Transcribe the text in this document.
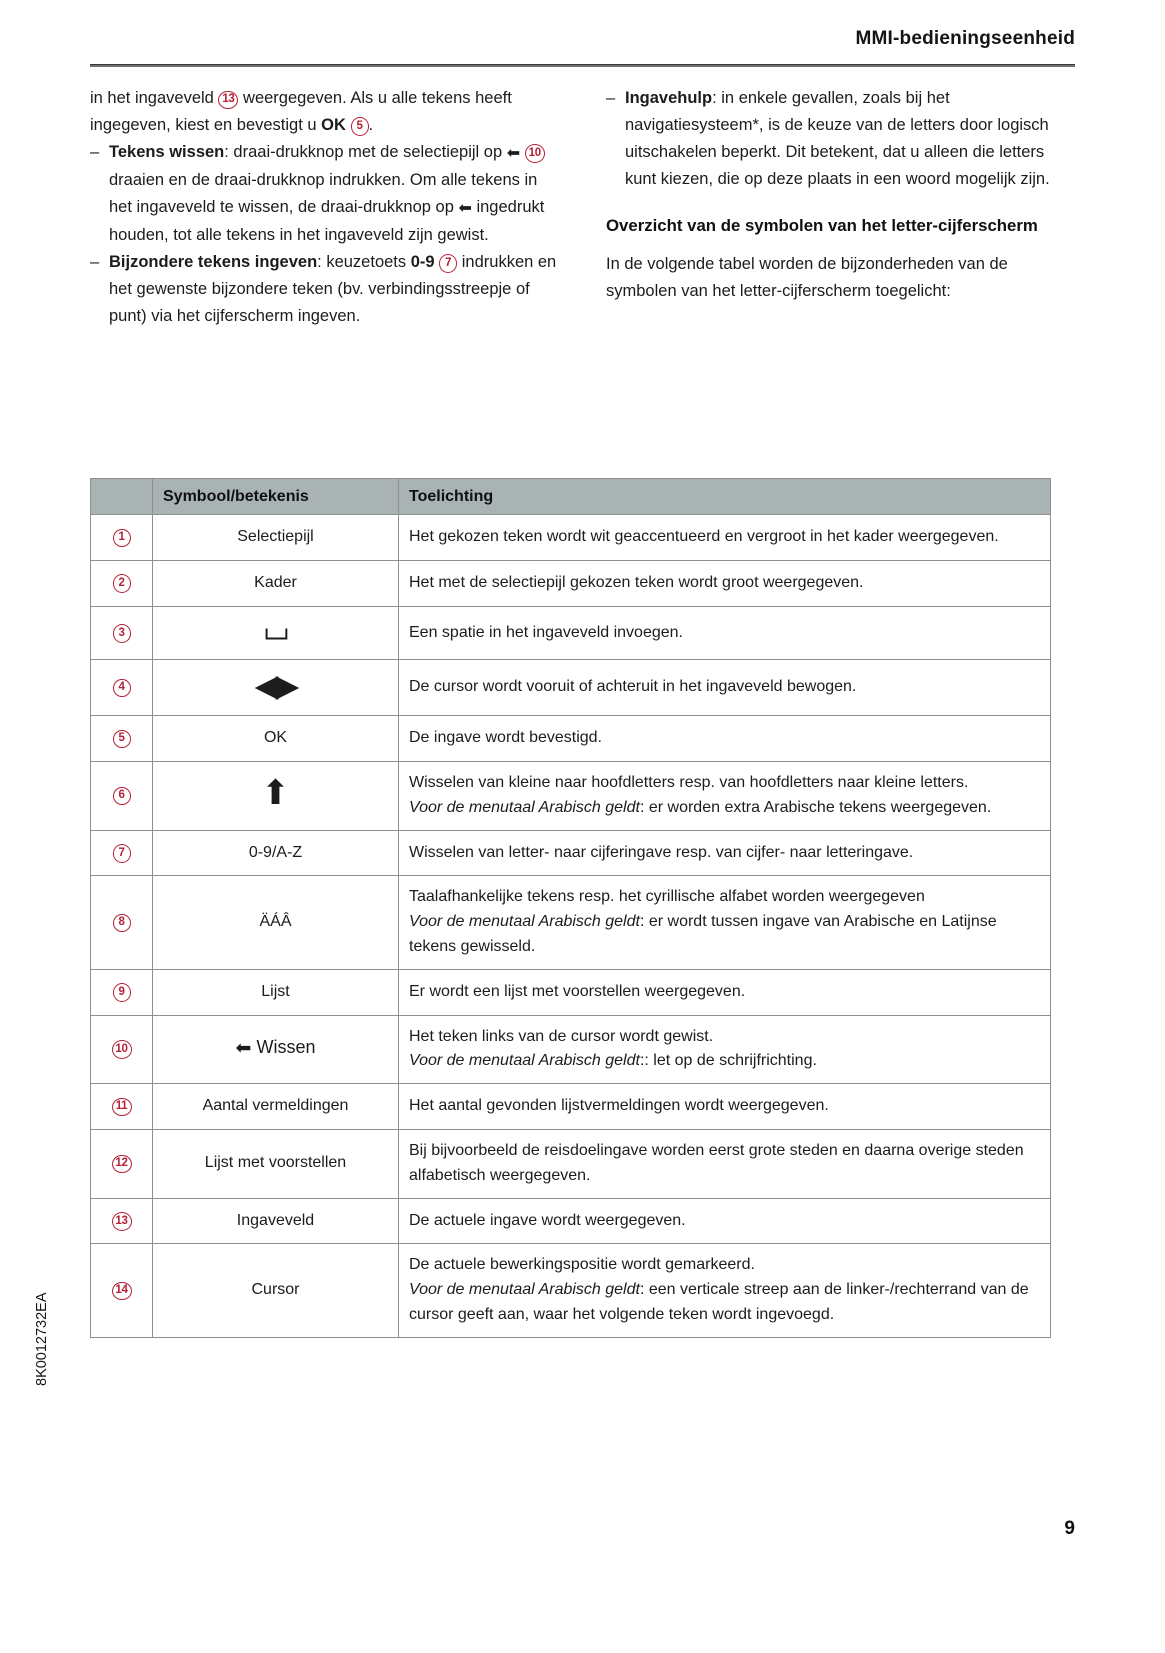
MMI-bedieningseenheid

in het ingaveveld 13 weergegeven. Als u alle tekens heeft ingegeven, kiest en bevestigt u OK 5 .

– Tekens wissen: draai-drukknop met de selectiepijl op ⬅ 10 draaien en de draai-drukknop indrukken. Om alle tekens in het ingaveveld te wissen, de draai-drukknop op ⬅ ingedrukt houden, tot alle tekens in het ingaveveld zijn gewist.

– Bijzondere tekens ingeven: keuzetoets 0-9 7 indrukken en het gewenste bijzondere teken (bv. verbindingsstreepje of punt) via het cijferscherm ingeven.

– Ingavehulp: in enkele gevallen, zoals bij het navigatiesysteem*, is de keuze van de letters door logisch uitschakelen beperkt. Dit betekent, dat u alleen die letters kunt kiezen, die op deze plaats in een woord mogelijk zijn.

Overzicht van de symbolen van het letter-cijferscherm

In de volgende tabel worden de bijzonderheden van de symbolen van het letter-cijferscherm toegelicht:

	Symbool/betekenis	Toelichting
1	Selectiepijl	Het gekozen teken wordt wit geaccentueerd en vergroot in het kader weergegeven.

2	Kader	Het met de selectiepijl gekozen teken wordt groot weergegeven.

3	⌴	Een spatie in het ingaveveld invoegen.

4	◀▶	De cursor wordt vooruit of achteruit in het ingaveveld bewogen.

5	OK	De ingave wordt bevestigd.

6	⬆	Wisselen van kleine naar hoofdletters resp. van hoofdletters naar kleine letters.
Voor de menutaal Arabisch geldt: er worden extra Arabische tekens weergegeven.

7	0-9/A-Z	Wisselen van letter- naar cijferingave resp. van cijfer- naar letteringave.

8	ÄÁÂ	Taalafhankelijke tekens resp. het cyrillische alfabet worden weergegeven
Voor de menutaal Arabisch geldt: er wordt tussen ingave van Arabische en Latijnse tekens gewisseld.

9	Lijst	Er wordt een lijst met voorstellen weergegeven.

10	⬅ Wissen	Het teken links van de cursor wordt gewist.
Voor de menutaal Arabisch geldt:: let op de schrijfrichting.

11	Aantal vermeldingen	Het aantal gevonden lijstvermeldingen wordt weergegeven.

12	Lijst met voorstellen	Bij bijvoorbeeld de reisdoelingave worden eerst grote steden en daarna overige steden alfabetisch weergegeven.

13	Ingaveveld	De actuele ingave wordt weergegeven.

14	Cursor	De actuele bewerkingspositie wordt gemarkeerd.
Voor de menutaal Arabisch geldt: een verticale streep aan de linker-/rechterrand van de cursor geeft aan, waar het volgende teken wordt ingevoegd.
8K0012732EA
9
